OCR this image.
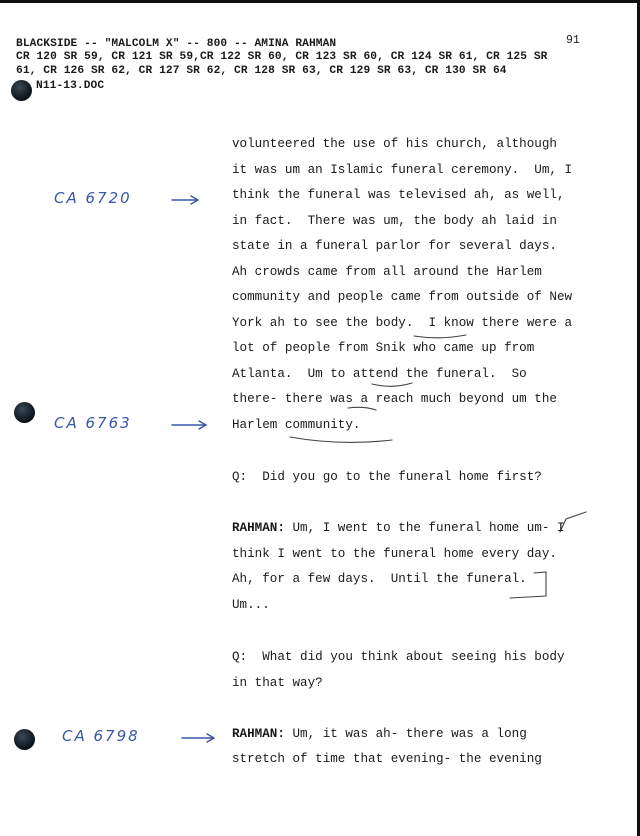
BLACKSIDE -- "MALCOLM X" -- 800 -- AMINA RAHMAN	91
CR 120 SR 59, CR 121 SR 59,CR 122 SR 60, CR 123 SR 60, CR 124 SR 61, CR 125 SR
61, CR 126 SR 62, CR 127 SR 62, CR 128 SR 63, CR 129 SR 63, CR 130 SR 64
N11-13.DOC
volunteered the use of his church, although
it was um an Islamic funeral ceremony.  Um, I
think the funeral was televised ah, as well,
in fact.  There was um, the body ah laid in
state in a funeral parlor for several days.
Ah crowds came from all around the Harlem
community and people came from outside of New
York ah to see the body.  I know there were a
lot of people from Snik who came up from
Atlanta.  Um to attend the funeral.  So
there- there was a reach much beyond um the
Harlem community.
Q:  Did you go to the funeral home first?
RAHMAN: Um, I went to the funeral home um- I
think I went to the funeral home every day.
Ah, for a few days.  Until the funeral.
Um...
Q:  What did you think about seeing his body
in that way?
RAHMAN: Um, it was ah- there was a long
stretch of time that evening- the evening
CA 6720
CA 6763
CA 6798
